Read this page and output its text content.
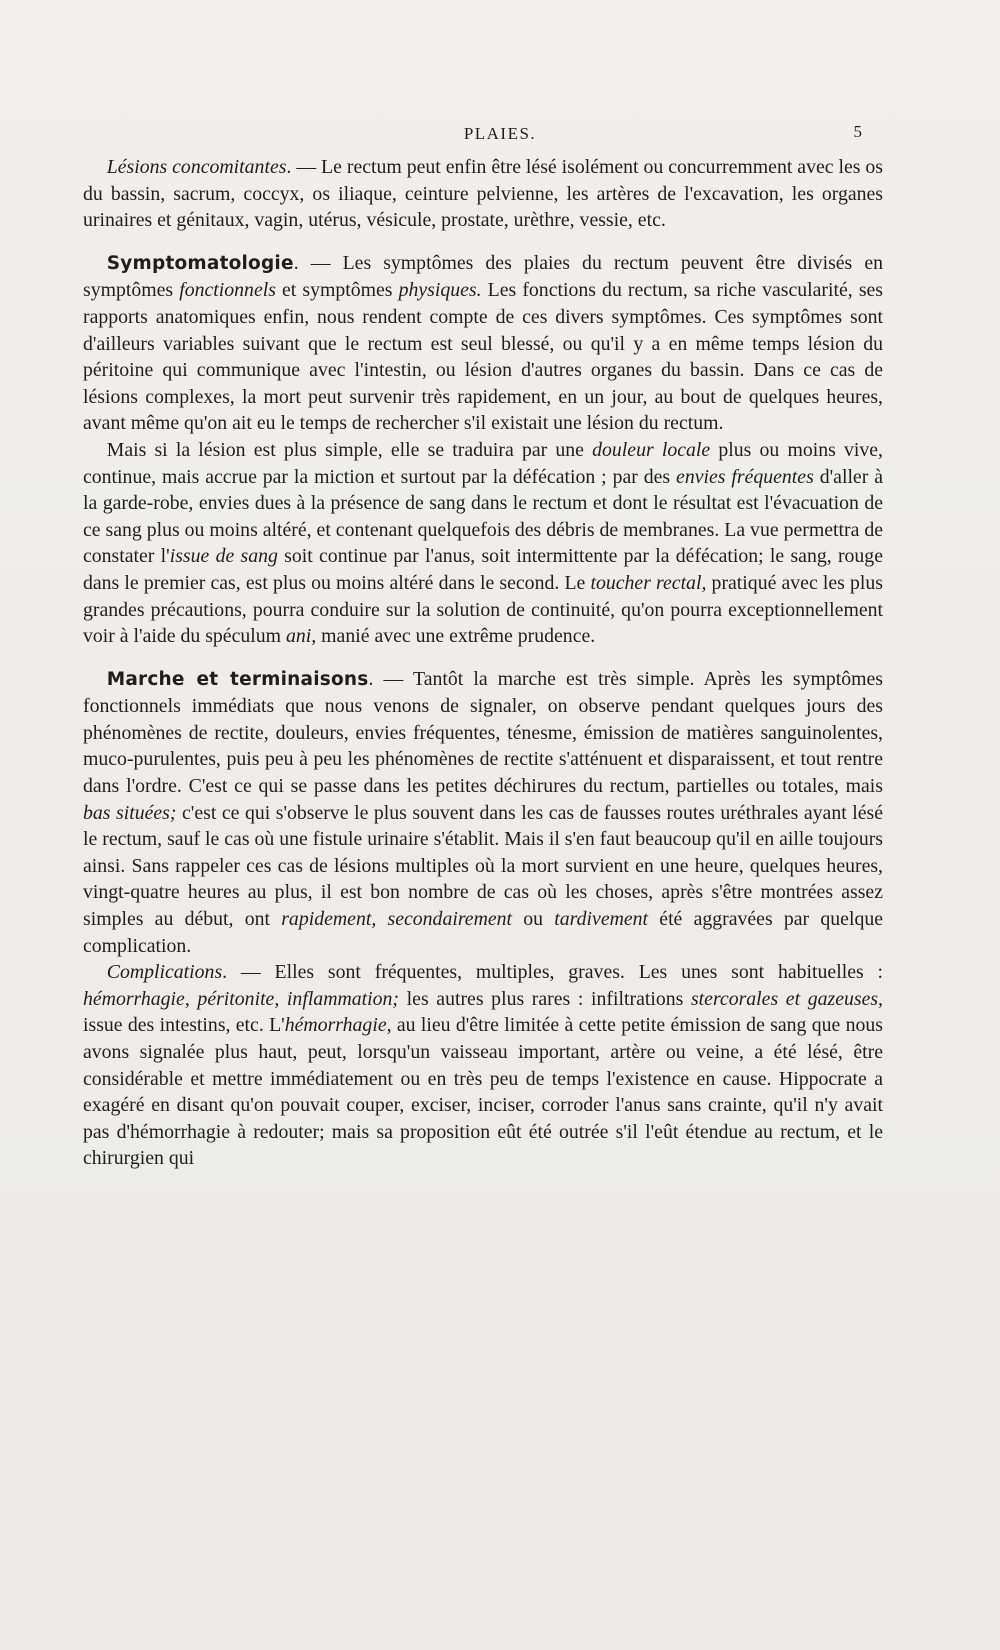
PLAIES.	5

Lésions concomitantes. — Le rectum peut enfin être lésé isolément ou concurremment avec les os du bassin, sacrum, coccyx, os iliaque, ceinture pelvienne, les artères de l'excavation, les organes urinaires et génitaux, vagin, utérus, vésicule, prostate, urèthre, vessie, etc.

Symptomatologie. — Les symptômes des plaies du rectum peuvent être divisés en symptômes fonctionnels et symptômes physiques. Les fonctions du rectum, sa riche vascularité, ses rapports anatomiques enfin, nous rendent compte de ces divers symptômes. Ces symptômes sont d'ailleurs variables suivant que le rectum est seul blessé, ou qu'il y a en même temps lésion du péritoine qui communique avec l'intestin, ou lésion d'autres organes du bassin. Dans ce cas de lésions complexes, la mort peut survenir très rapidement, en un jour, au bout de quelques heures, avant même qu'on ait eu le temps de rechercher s'il existait une lésion du rectum.

Mais si la lésion est plus simple, elle se traduira par une douleur locale plus ou moins vive, continue, mais accrue par la miction et surtout par la défécation ; par des envies fréquentes d'aller à la garde-robe, envies dues à la présence de sang dans le rectum et dont le résultat est l'évacuation de ce sang plus ou moins altéré, et contenant quelquefois des débris de membranes. La vue permettra de constater l'issue de sang soit continue par l'anus, soit intermittente par la défécation; le sang, rouge dans le premier cas, est plus ou moins altéré dans le second. Le toucher rectal, pratiqué avec les plus grandes précautions, pourra conduire sur la solution de continuité, qu'on pourra exceptionnellement voir à l'aide du spéculum ani, manié avec une extrême prudence.

Marche et terminaisons. — Tantôt la marche est très simple. Après les symptômes fonctionnels immédiats que nous venons de signaler, on observe pendant quelques jours des phénomènes de rectite, douleurs, envies fréquentes, ténesme, émission de matières sanguinolentes, muco-purulentes, puis peu à peu les phénomènes de rectite s'atténuent et disparaissent, et tout rentre dans l'ordre. C'est ce qui se passe dans les petites déchirures du rectum, partielles ou totales, mais bas situées; c'est ce qui s'observe le plus souvent dans les cas de fausses routes uréthrales ayant lésé le rectum, sauf le cas où une fistule urinaire s'établit. Mais il s'en faut beaucoup qu'il en aille toujours ainsi. Sans rappeler ces cas de lésions multiples où la mort survient en une heure, quelques heures, vingt-quatre heures au plus, il est bon nombre de cas où les choses, après s'être montrées assez simples au début, ont rapidement, secondairement ou tardivement été aggravées par quelque complication.

Complications. — Elles sont fréquentes, multiples, graves. Les unes sont habituelles : hémorrhagie, péritonite, inflammation; les autres plus rares : infiltrations stercorales et gazeuses, issue des intestins, etc. L'hémorrhagie, au lieu d'être limitée à cette petite émission de sang que nous avons signalée plus haut, peut, lorsqu'un vaisseau important, artère ou veine, a été lésé, être considérable et mettre immédiatement ou en très peu de temps l'existence en cause. Hippocrate a exagéré en disant qu'on pouvait couper, exciser, inciser, corroder l'anus sans crainte, qu'il n'y avait pas d'hémorrhagie à redouter; mais sa proposition eût été outrée s'il l'eût étendue au rectum, et le chirurgien qui
